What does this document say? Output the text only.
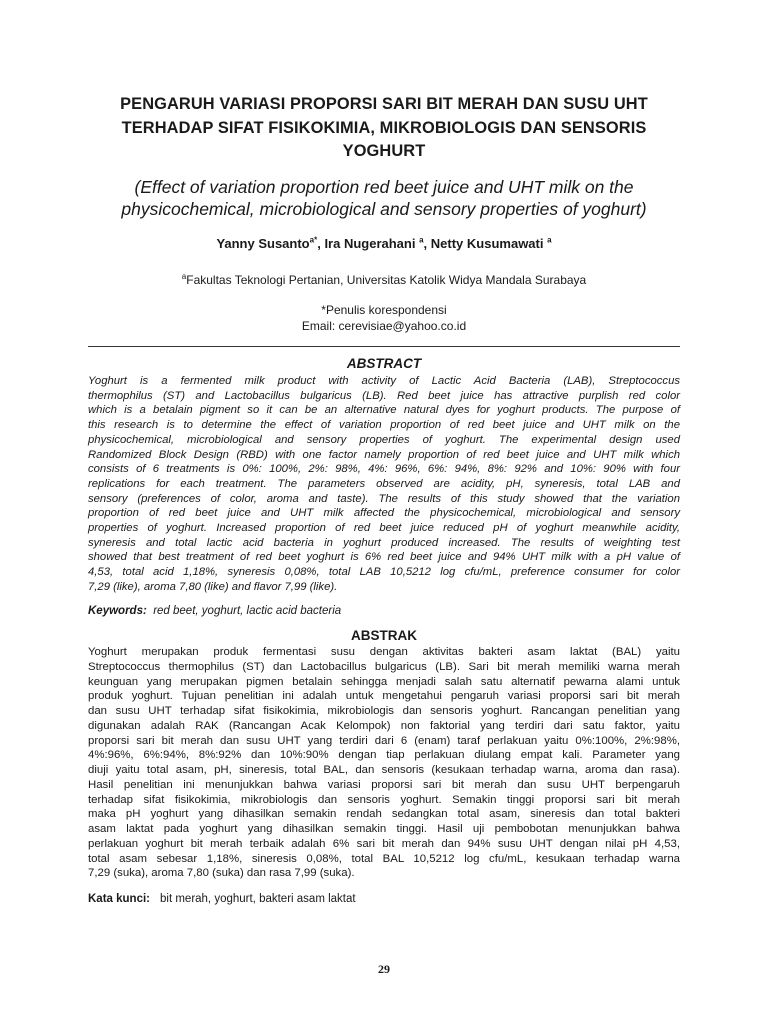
PENGARUH VARIASI PROPORSI SARI BIT MERAH DAN SUSU UHT
TERHADAP SIFAT FISIKOKIMIA, MIKROBIOLOGIS DAN SENSORIS
YOGHURT
(Effect of variation proportion red beet juice and UHT milk on the
physicochemical, microbiological and sensory properties of yoghurt)
Yanny Susanto$^{a*}$, Ira Nugerahani $^a$, Netty Kusumawati $^a$
$^a$Fakultas Teknologi Pertanian, Universitas Katolik Widya Mandala Surabaya
*Penulis korespondensi
Email: cerevisiae@yahoo.co.id
ABSTRACT
Yoghurt is a fermented milk product with activity of Lactic Acid Bacteria (LAB), Streptococcus
thermophilus (ST) and Lactobacillus bulgaricus (LB). Red beet juice has attractive purplish red color
which is a betalain pigment so it can be an alternative natural dyes for yoghurt products. The purpose of
this research is to determine the effect of variation proportion of red beet juice and UHT milk on the
physicochemical, microbiological and sensory properties of yoghurt. The experimental design used
Randomized Block Design (RBD) with one factor namely proportion of red beet juice and UHT milk which
consists of 6 treatments is 0%: 100%, 2%: 98%, 4%: 96%, 6%: 94%, 8%: 92% and 10%: 90% with four
replications for each treatment. The parameters observed are acidity, pH, syneresis, total LAB and
sensory (preferences of color, aroma and taste). The results of this study showed that the variation
proportion of red beet juice and UHT milk affected the physicochemical, microbiological and sensory
properties of yoghurt. Increased proportion of red beet juice reduced pH of yoghurt meanwhile acidity,
syneresis and total lactic acid bacteria in yoghurt produced increased. The results of weighting test
showed that best treatment of red beet yoghurt is 6% red beet juice and 94% UHT milk with a pH value of
4,53, total acid 1,18%, syneresis 0,08%, total LAB 10,5212 log cfu/mL, preference consumer for color
7,29 (like), aroma 7,80 (like) and flavor 7,99 (like).
Keywords: red beet, yoghurt, lactic acid bacteria
ABSTRAK
Yoghurt merupakan produk fermentasi susu dengan aktivitas bakteri asam laktat (BAL) yaitu
Streptococcus thermophilus (ST) dan Lactobacillus bulgaricus (LB). Sari bit merah memiliki warna merah
keunguan yang merupakan pigmen betalain sehingga menjadi salah satu alternatif pewarna alami untuk
produk yoghurt. Tujuan penelitian ini adalah untuk mengetahui pengaruh variasi proporsi sari bit merah
dan susu UHT terhadap sifat fisikokimia, mikrobiologis dan sensoris yoghurt. Rancangan penelitian yang
digunakan adalah RAK (Rancangan Acak Kelompok) non faktorial yang terdiri dari satu faktor, yaitu
proporsi sari bit merah dan susu UHT yang terdiri dari 6 (enam) taraf perlakuan yaitu 0%:100%, 2%:98%,
4%:96%, 6%:94%, 8%:92% dan 10%:90% dengan tiap perlakuan diulang empat kali. Parameter yang
diuji yaitu total asam, pH, sineresis, total BAL, dan sensoris (kesukaan terhadap warna, aroma dan rasa).
Hasil penelitian ini menunjukkan bahwa variasi proporsi sari bit merah dan susu UHT berpengaruh
terhadap sifat fisikokimia, mikrobiologis dan sensoris yoghurt. Semakin tinggi proporsi sari bit merah
maka pH yoghurt yang dihasilkan semakin rendah sedangkan total asam, sineresis dan total bakteri
asam laktat pada yoghurt yang dihasilkan semakin tinggi. Hasil uji pembobotan menunjukkan bahwa
perlakuan yoghurt bit merah terbaik adalah 6% sari bit merah dan 94% susu UHT dengan nilai pH 4,53,
total asam sebesar 1,18%, sineresis 0,08%, total BAL 10,5212 log cfu/mL, kesukaan terhadap warna
7,29 (suka), aroma 7,80 (suka) dan rasa 7,99 (suka).
Kata kunci: bit merah, yoghurt, bakteri asam laktat
29
